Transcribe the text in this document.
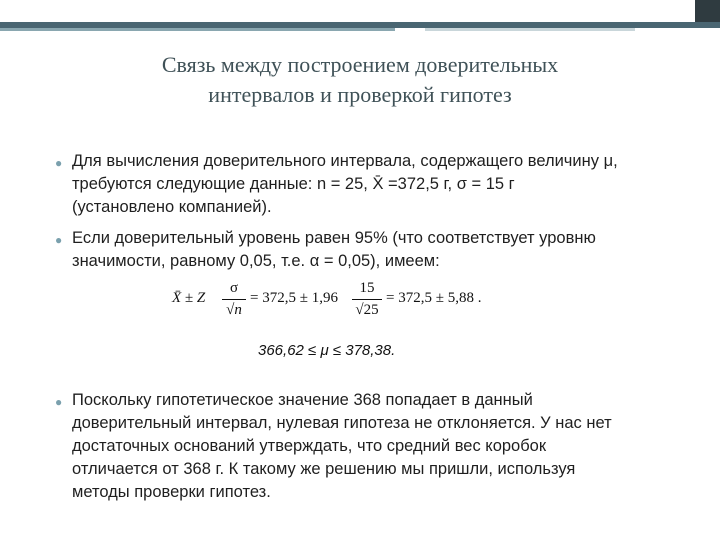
Связь между построением доверительных
интервалов и проверкой гипотез
● Для вычисления доверительного интервала, содержащего величину μ,
требуются следующие данные: n = 25, X̄ =372,5 г, σ = 15 г
(установлено компанией).
● Если доверительный уровень равен 95% (что соответствует уровню
значимости, равному 0,05, т.е. α = 0,05), имеем:
X̄ ± Z
σ
√n
= 372,5 ± 1,96
15
√25
= 372,5 ± 5,88 .
366,62 ≤ μ ≤ 378,38.
● Поскольку гипотетическое значение 368 попадает в данный
доверительный интервал, нулевая гипотеза не отклоняется. У нас нет
достаточных оснований утверждать, что средний вес коробок
отличается от 368 г. К такому же решению мы пришли, используя
методы проверки гипотез.
